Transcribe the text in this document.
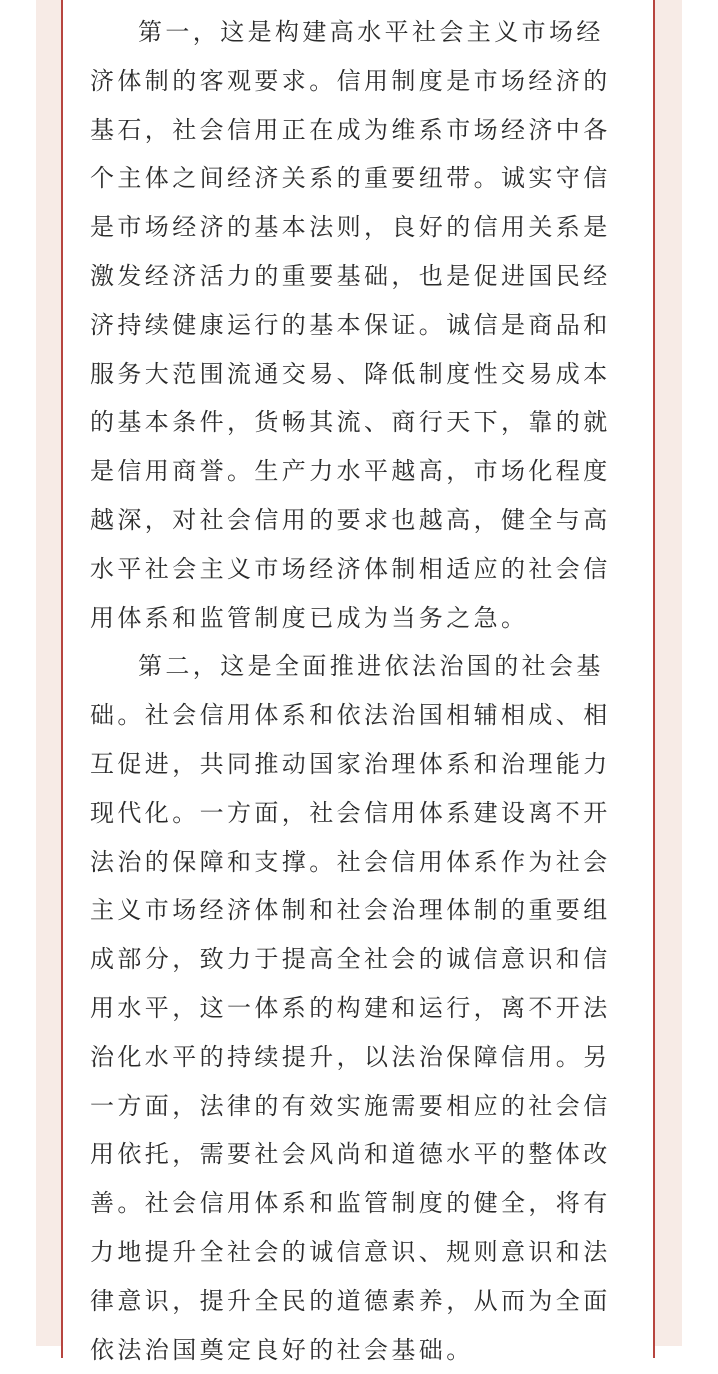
第一，这是构建高水平社会主义市场经
济体制的客观要求。信用制度是市场经济的
基石，社会信用正在成为维系市场经济中各
个主体之间经济关系的重要纽带。诚实守信
是市场经济的基本法则，良好的信用关系是
激发经济活力的重要基础，也是促进国民经
济持续健康运行的基本保证。诚信是商品和
服务大范围流通交易、降低制度性交易成本
的基本条件，货畅其流、商行天下，靠的就
是信用商誉。生产力水平越高，市场化程度
越深，对社会信用的要求也越高，健全与高
水平社会主义市场经济体制相适应的社会信
用体系和监管制度已成为当务之急。

第二，这是全面推进依法治国的社会基
础。社会信用体系和依法治国相辅相成、相
互促进，共同推动国家治理体系和治理能力
现代化。一方面，社会信用体系建设离不开
法治的保障和支撑。社会信用体系作为社会
主义市场经济体制和社会治理体制的重要组
成部分，致力于提高全社会的诚信意识和信
用水平，这一体系的构建和运行，离不开法
治化水平的持续提升，以法治保障信用。另
一方面，法律的有效实施需要相应的社会信
用依托，需要社会风尚和道德水平的整体改
善。社会信用体系和监管制度的健全，将有
力地提升全社会的诚信意识、规则意识和法
律意识，提升全民的道德素养，从而为全面
依法治国奠定良好的社会基础。
